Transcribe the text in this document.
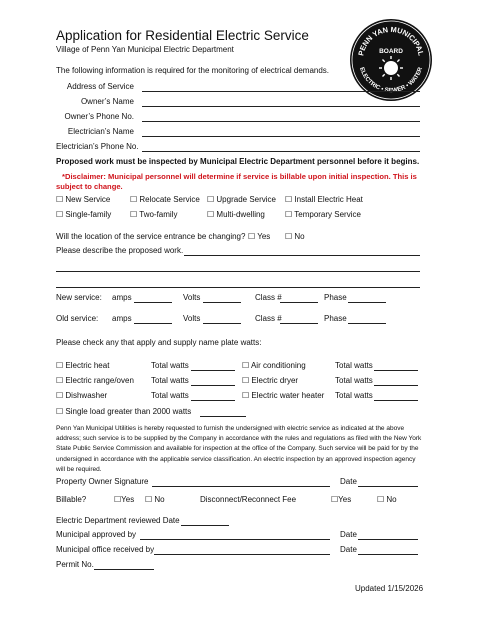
Application for Residential Electric Service
Village of Penn Yan Municipal Electric Department	PENN YAN MUNICIPAL
BOARD
ELECTRIC • SEWER • WATER
The following information is required for the monitoring of electrical demands.
Address of Service
Owner’s Name
Owner’s Phone No.
Electrician’s Name
Electrician’s Phone No.
Proposed work must be inspected by Municipal Electric Department personnel before it begins.
*Disclaimer: Municipal personnel will determine if service is billable upon initial inspection. This is
subject to change.
☐ New Service ☐ Relocate Service ☐ Upgrade Service ☐ Install Electric Heat
☐ Single-family ☐ Two-family	☐ Multi-dwelling	☐ Temporary Service
Will the location of the service entrance be changing? ☐ Yes ☐ No
Please describe the proposed work.
New service: amps	Volts	Class #	Phase
Old service: amps	Volts	Class #	Phase
Please check any that apply and supply name plate watts:
☐ Electric heat	Total watts	☐ Air conditioning	Total watts
☐ Electric range/oven Total watts	☐ Electric dryer	Total watts
☐ Dishwasher	Total watts	☐ Electric water heater Total watts
☐ Single load greater than 2000 watts
Penn Yan Municipal Utilities is hereby requested to furnish the undersigned with electric service as indicated at the above address; such service is to be supplied by the Company in accordance with the rules and regulations as filed with the New York State Public Service Commission and available for inspection at the office of the Company. Such service will be paid for by the undersigned in accordance with the applicable service classification. An electric inspection by an approved inspection agency will be required.
Property Owner Signature	Date
Billable?	☐Yes ☐ No	Disconnect/Reconnect Fee	☐Yes	☐ No
Electric Department reviewed Date
Municipal approved by	Date
Municipal office received by	Date
Permit No.
Updated 1/15/2026
